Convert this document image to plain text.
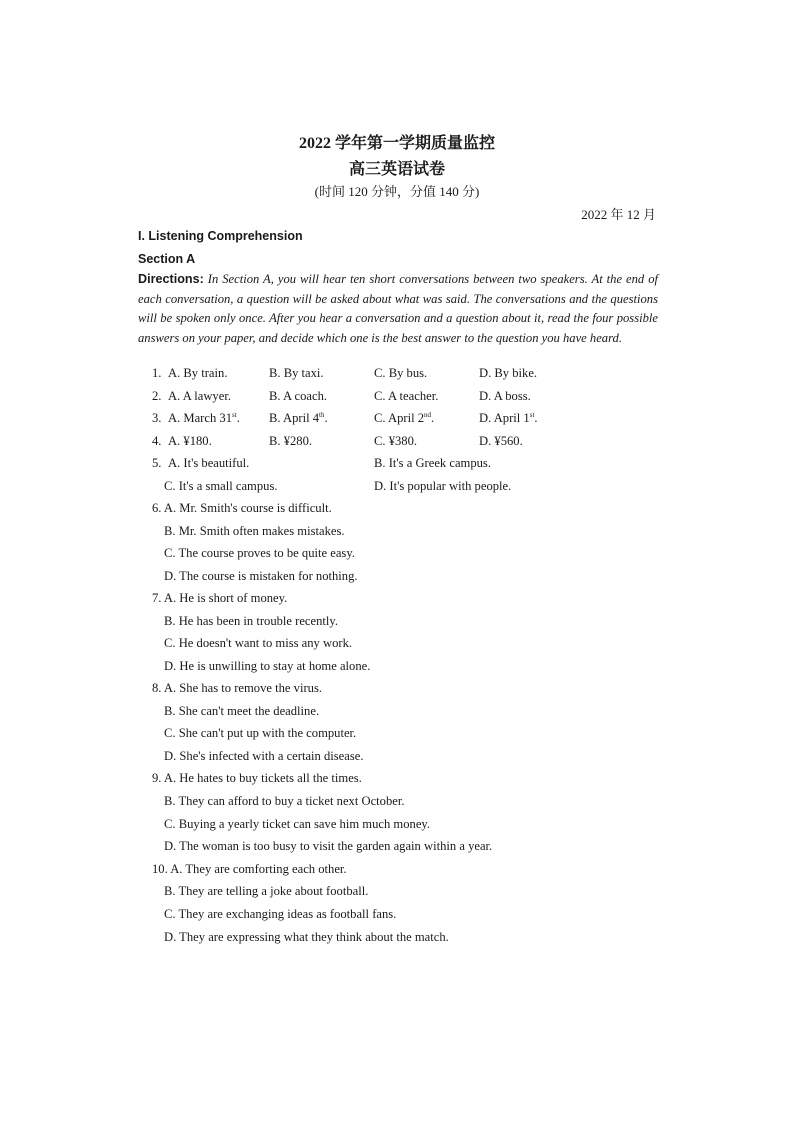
2022 学年第一学期质量监控
高三英语试卷
(时间 120 分钟，分值 140 分)
2022 年 12 月
I. Listening Comprehension
Section A
Directions: In Section A, you will hear ten short conversations between two speakers. At the end of each conversation, a question will be asked about what was said. The conversations and the questions will be spoken only once. After you hear a conversation and a question about it, read the four possible answers on your paper, and decide which one is the best answer to the question you have heard.
1. A. By train.	B. By taxi.	C. By bus.	D. By bike.
2. A. A lawyer.	B. A coach.	C. A teacher.	D. A boss.
3. A. March 31st. B. April 4th.	C. April 2nd.	D. April 1st.
4. A. ¥180.	B. ¥280.	C. ¥380.	D. ¥560.
5. A. It's beautiful.	B. It's a Greek campus.
C. It's a small campus.	D. It's popular with people.
6. A. Mr. Smith's course is difficult.
B. Mr. Smith often makes mistakes.
C. The course proves to be quite easy.
D. The course is mistaken for nothing.
7. A. He is short of money.
B. He has been in trouble recently.
C. He doesn't want to miss any work.
D. He is unwilling to stay at home alone.
8. A. She has to remove the virus.
B. She can't meet the deadline.
C. She can't put up with the computer.
D. She's infected with a certain disease.
9. A. He hates to buy tickets all the times.
B. They can afford to buy a ticket next October.
C. Buying a yearly ticket can save him much money.
D. The woman is too busy to visit the garden again within a year.
10. A. They are comforting each other.
B. They are telling a joke about football.
C. They are exchanging ideas as football fans.
D. They are expressing what they think about the match.
